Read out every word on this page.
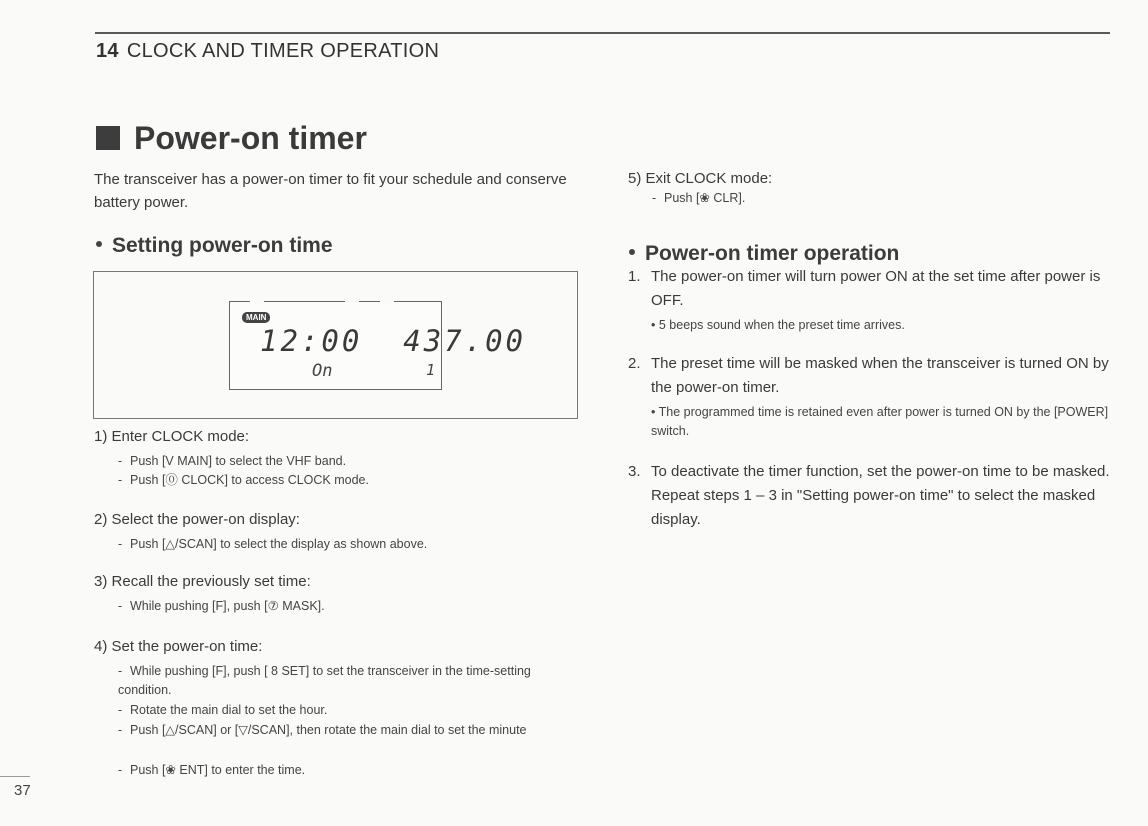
14 CLOCK AND TIMER OPERATION
Power-on timer
The transceiver has a power-on timer to fit your schedule and conserve battery power.
Setting power-on time
MAIN
12:00 437.00
On	1
1) Enter CLOCK mode:
- Push [V MAIN] to select the VHF band.
- Push [⓪ CLOCK] to access CLOCK mode.
2) Select the power-on display:
- Push [△/SCAN] to select the display as shown above.
3) Recall the previously set time:
- While pushing [F], push [⑦ MASK].
4) Set the power-on time:
- While pushing [F], push [ 8 SET] to set the transceiver in the time-setting condition.
- Rotate the main dial to set the hour.
- Push [△/SCAN] or [▽/SCAN], then rotate the main dial to set the minute
- Push [❀ ENT] to enter the time.
5) Exit CLOCK mode:
- Push [❀ CLR].
Power-on timer operation
1. The power-on timer will turn power ON at the set time after power is OFF.
• 5 beeps sound when the preset time arrives.
2. The preset time will be masked when the transceiver is turned ON by the power-on timer.
• The programmed time is retained even after power is turned ON by the [POWER] switch.
3. To deactivate the timer function, set the power-on time to be masked. Repeat steps 1 – 3 in "Setting power-on time" to select the masked display.
37
